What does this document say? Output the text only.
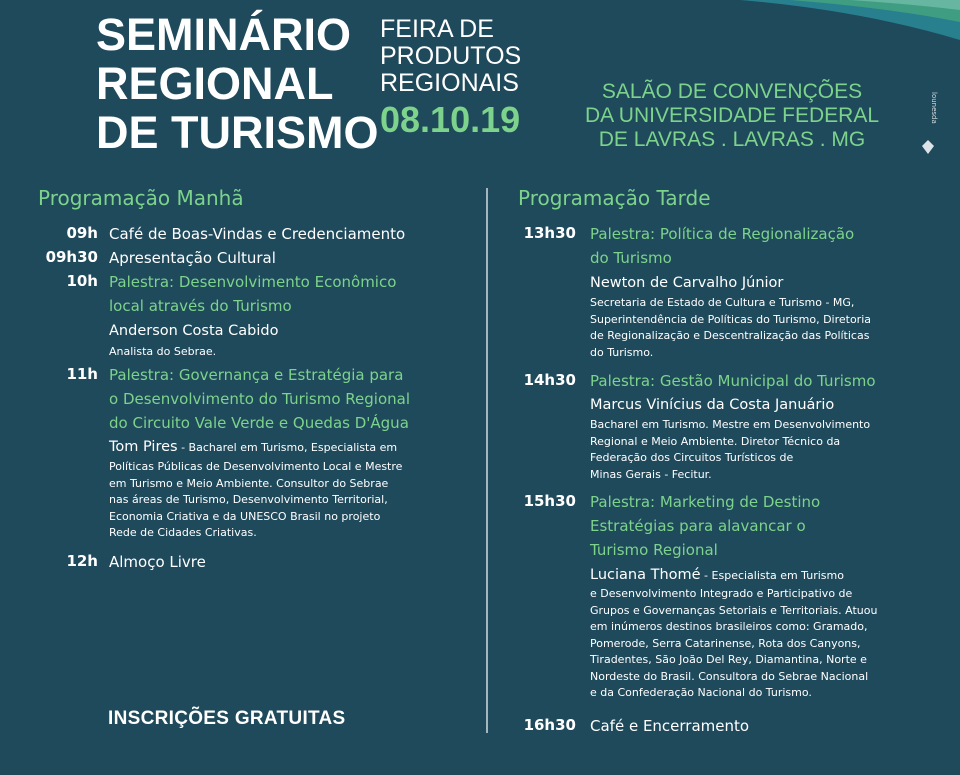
lounesda
SEMINÁRIO
REGIONAL
DE TURISMO
FEIRA DE
PRODUTOS
REGIONAIS
08.10.19
SALÃO DE CONVENÇÕES
DA UNIVERSIDADE FEDERAL
DE LAVRAS . LAVRAS . MG
Programação Manhã	Programação Tarde
09h Café de Boas-Vindas e Credenciamento
09h30 Apresentação Cultural
10h Palestra: Desenvolvimento Econômico
local através do Turismo
Anderson Costa Cabido
Analista do Sebrae.
11h Palestra: Governança e Estratégia para
o Desenvolvimento do Turismo Regional
do Circuito Vale Verde e Quedas D'Água
Tom Pires - Bacharel em Turismo, Especialista em
Políticas Públicas de Desenvolvimento Local e Mestre
em Turismo e Meio Ambiente. Consultor do Sebrae
nas áreas de Turismo, Desenvolvimento Territorial,
Economia Criativa e da UNESCO Brasil no projeto
Rede de Cidades Criativas.
12h Almoço Livre
13h30 Palestra: Política de Regionalização
do Turismo
Newton de Carvalho Júnior
Secretaria de Estado de Cultura e Turismo - MG,
Superintendência de Políticas do Turismo, Diretoria
de Regionalização e Descentralização das Políticas
do Turismo.
14h30 Palestra: Gestão Municipal do Turismo
Marcus Vinícius da Costa Januário
Bacharel em Turismo. Mestre em Desenvolvimento
Regional e Meio Ambiente. Diretor Técnico da
Federação dos Circuitos Turísticos de
Minas Gerais - Fecitur.
15h30 Palestra: Marketing de Destino
Estratégias para alavancar o
Turismo Regional
Luciana Thomé - Especialista em Turismo
e Desenvolvimento Integrado e Participativo de
Grupos e Governanças Setoriais e Territoriais. Atuou
em inúmeros destinos brasileiros como: Gramado,
Pomerode, Serra Catarinense, Rota dos Canyons,
Tiradentes, São João Del Rey, Diamantina, Norte e
Nordeste do Brasil. Consultora do Sebrae Nacional
e da Confederação Nacional do Turismo.
16h30 Café e Encerramento
INSCRIÇÕES GRATUITAS
